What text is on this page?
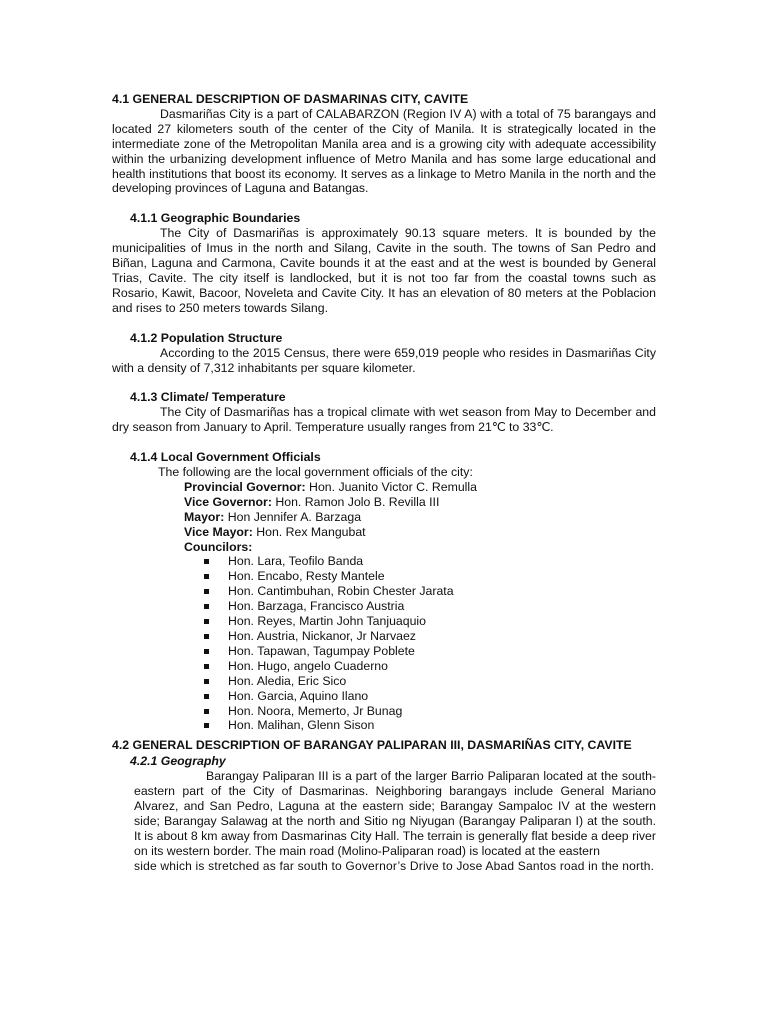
4.1 GENERAL DESCRIPTION OF DASMARINAS CITY, CAVITE

Dasmariñas City is a part of CALABARZON (Region IV A) with a total of 75 barangays and located 27 kilometers south of the center of the City of Manila. It is strategically located in the intermediate zone of the Metropolitan Manila area and is a growing city with adequate accessibility within the urbanizing development influence of Metro Manila and has some large educational and health institutions that boost its economy. It serves as a linkage to Metro Manila in the north and the developing provinces of Laguna and Batangas.

4.1.1 Geographic Boundaries

The City of Dasmariñas is approximately 90.13 square meters. It is bounded by the municipalities of Imus in the north and Silang, Cavite in the south. The towns of San Pedro and Biñan, Laguna and Carmona, Cavite bounds it at the east and at the west is bounded by General Trias, Cavite. The city itself is landlocked, but it is not too far from the coastal towns such as Rosario, Kawit, Bacoor, Noveleta and Cavite City. It has an elevation of 80 meters at the Poblacion and rises to 250 meters towards Silang.

4.1.2 Population Structure

According to the 2015 Census, there were 659,019 people who resides in Dasmariñas City with a density of 7,312 inhabitants per square kilometer.

4.1.3 Climate/ Temperature

The City of Dasmariñas has a tropical climate with wet season from May to December and dry season from January to April. Temperature usually ranges from 21℃ to 33℃.

4.1.4 Local Government Officials

The following are the local government officials of the city:

Provincial Governor: Hon. Juanito Victor C. Remulla
Vice Governor: Hon. Ramon Jolo B. Revilla III
Mayor: Hon Jennifer A. Barzaga
Vice Mayor: Hon. Rex Mangubat
Councilors:
Hon. Lara, Teofilo Banda
Hon. Encabo, Resty Mantele
Hon. Cantimbuhan, Robin Chester Jarata
Hon. Barzaga, Francisco Austria
Hon. Reyes, Martin John Tanjuaquio
Hon. Austria, Nickanor, Jr Narvaez
Hon. Tapawan, Tagumpay Poblete
Hon. Hugo, angelo Cuaderno
Hon. Aledia, Eric Sico
Hon. Garcia, Aquino Ilano
Hon. Noora, Memerto, Jr Bunag
Hon. Malihan, Glenn Sison

4.2 GENERAL DESCRIPTION OF BARANGAY PALIPARAN III, DASMARIÑAS CITY, CAVITE

4.2.1 Geography

Barangay Paliparan III is a part of the larger Barrio Paliparan located at the south-eastern part of the City of Dasmarinas. Neighboring barangays include General Mariano Alvarez, and San Pedro, Laguna at the eastern side; Barangay Sampaloc IV at the western side; Barangay Salawag at the north and Sitio ng Niyugan (Barangay Paliparan I) at the south. It is about 8 km away from Dasmarinas City Hall. The terrain is generally flat beside a deep river on its western border. The main road (Molino-Paliparan road) is located at the eastern

side which is stretched as far south to Governor’s Drive to Jose Abad Santos road in the north.
